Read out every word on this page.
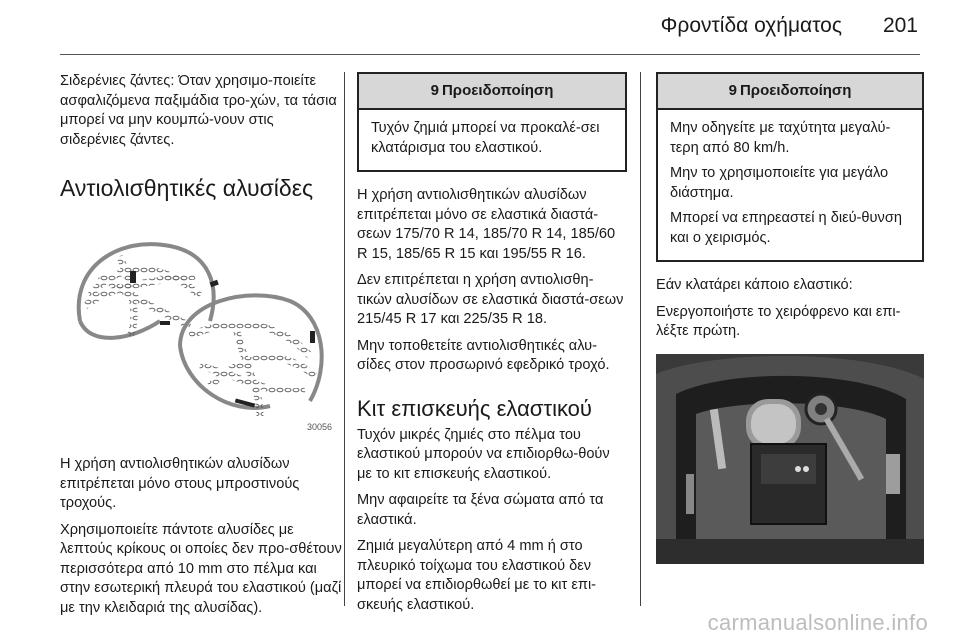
Φροντίδα οχήματος 201

Σιδερένιες ζάντες: Όταν χρησιμο-ποιείτε ασφαλιζόμενα παξιμάδια τρο-χών, τα τάσια μπορεί να μην κουμπώ-νουν στις σιδερένιες ζάντες.

Αντιολισθητικές αλυσίδες

30056

Η χρήση αντιολισθητικών αλυσίδων επιτρέπεται μόνο στους μπροστινούς τροχούς.

Χρησιμοποιείτε πάντοτε αλυσίδες με λεπτούς κρίκους οι οποίες δεν προ-σθέτουν περισσότερα από 10 mm στο πέλμα και στην εσωτερική πλευρά του ελαστικού (μαζί με την κλειδαριά της αλυσίδας).

9 Προειδοποίηση

Τυχόν ζημιά μπορεί να προκαλέ-σει κλατάρισμα του ελαστικού.

Η χρήση αντιολισθητικών αλυσίδων επιτρέπεται μόνο σε ελαστικά διαστά-σεων 175/70 R 14, 185/70 R 14, 185/60 R 15, 185/65 R 15 και 195/55 R 16.

Δεν επιτρέπεται η χρήση αντιολισθη-τικών αλυσίδων σε ελαστικά διαστά-σεων 215/45 R 17 και 225/35 R 18.

Μην τοποθετείτε αντιολισθητικές αλυ-σίδες στον προσωρινό εφεδρικό τροχό.

Κιτ επισκευής ελαστικού

Τυχόν μικρές ζημιές στο πέλμα του ελαστικού μπορούν να επιδιορθω-θούν με το κιτ επισκευής ελαστικού.

Μην αφαιρείτε τα ξένα σώματα από τα ελαστικά.

Ζημιά μεγαλύτερη από 4 mm ή στο πλευρικό τοίχωμα του ελαστικού δεν μπορεί να επιδιορθωθεί με το κιτ επι-σκευής ελαστικού.

9 Προειδοποίηση

Μην οδηγείτε με ταχύτητα μεγαλύ-τερη από 80 km/h.

Μην το χρησιμοποιείτε για μεγάλο διάστημα.

Μπορεί να επηρεαστεί η διεύ-θυνση και ο χειρισμός.

Εάν κλατάρει κάποιο ελαστικό:

Ενεργοποιήστε το χειρόφρενο και επι-λέξτε πρώτη.

carmanualsonline.info
